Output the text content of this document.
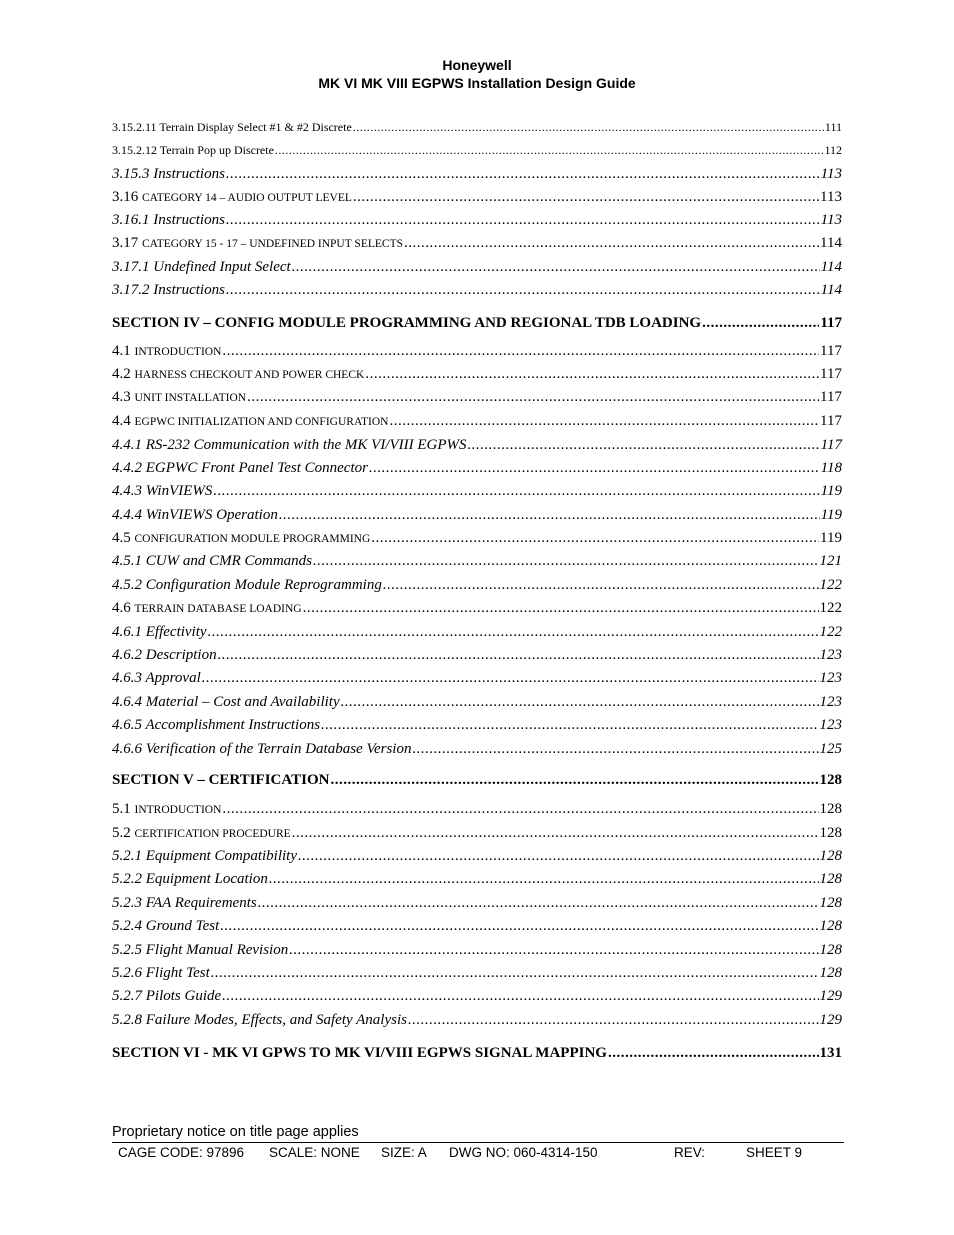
Honeywell
MK VI MK VIII EGPWS Installation Design Guide
3.15.2.11 Terrain Display Select #1 & #2 Discrete .....	111
3.15.2.12 Terrain Pop up Discrete .....	112
3.15.3 Instructions .....	113
3.16 CATEGORY 14 – AUDIO OUTPUT LEVEL .....	113
3.16.1 Instructions .....	113
3.17 CATEGORY 15 - 17 – UNDEFINED INPUT SELECTS .....	114
3.17.1 Undefined Input Select .....	114
3.17.2 Instructions .....	114
SECTION IV – CONFIG MODULE PROGRAMMING AND REGIONAL TDB LOADING .....	117
4.1 INTRODUCTION .....	117
4.2 HARNESS CHECKOUT AND POWER CHECK .....	117
4.3 UNIT INSTALLATION .....	117
4.4 EGPWC INITIALIZATION AND CONFIGURATION .....	117
4.4.1 RS-232 Communication with the MK VI/VIII EGPWS .....	117
4.4.2 EGPWC Front Panel Test Connector .....	118
4.4.3 WinVIEWS .....	119
4.4.4 WinVIEWS Operation .....	119
4.5 CONFIGURATION MODULE PROGRAMMING .....	119
4.5.1 CUW and CMR Commands .....	121
4.5.2 Configuration Module Reprogramming .....	122
4.6 TERRAIN DATABASE LOADING .....	122
4.6.1 Effectivity .....	122
4.6.2 Description .....	123
4.6.3 Approval .....	123
4.6.4 Material – Cost and Availability .....	123
4.6.5 Accomplishment Instructions .....	123
4.6.6 Verification of the Terrain Database Version .....	125
SECTION V – CERTIFICATION .....	128
5.1 INTRODUCTION .....	128
5.2 CERTIFICATION PROCEDURE .....	128
5.2.1 Equipment Compatibility .....	128
5.2.2 Equipment Location .....	128
5.2.3 FAA Requirements .....	128
5.2.4 Ground Test .....	128
5.2.5 Flight Manual Revision .....	128
5.2.6 Flight Test .....	128
5.2.7 Pilots Guide .....	129
5.2.8 Failure Modes, Effects, and Safety Analysis .....	129
SECTION VI - MK VI GPWS TO MK VI/VIII EGPWS SIGNAL MAPPING .....	131
Proprietary notice on title page applies
CAGE CODE: 97896 SCALE: NONE SIZE: A DWG NO: 060-4314-150	REV:	SHEET 9
